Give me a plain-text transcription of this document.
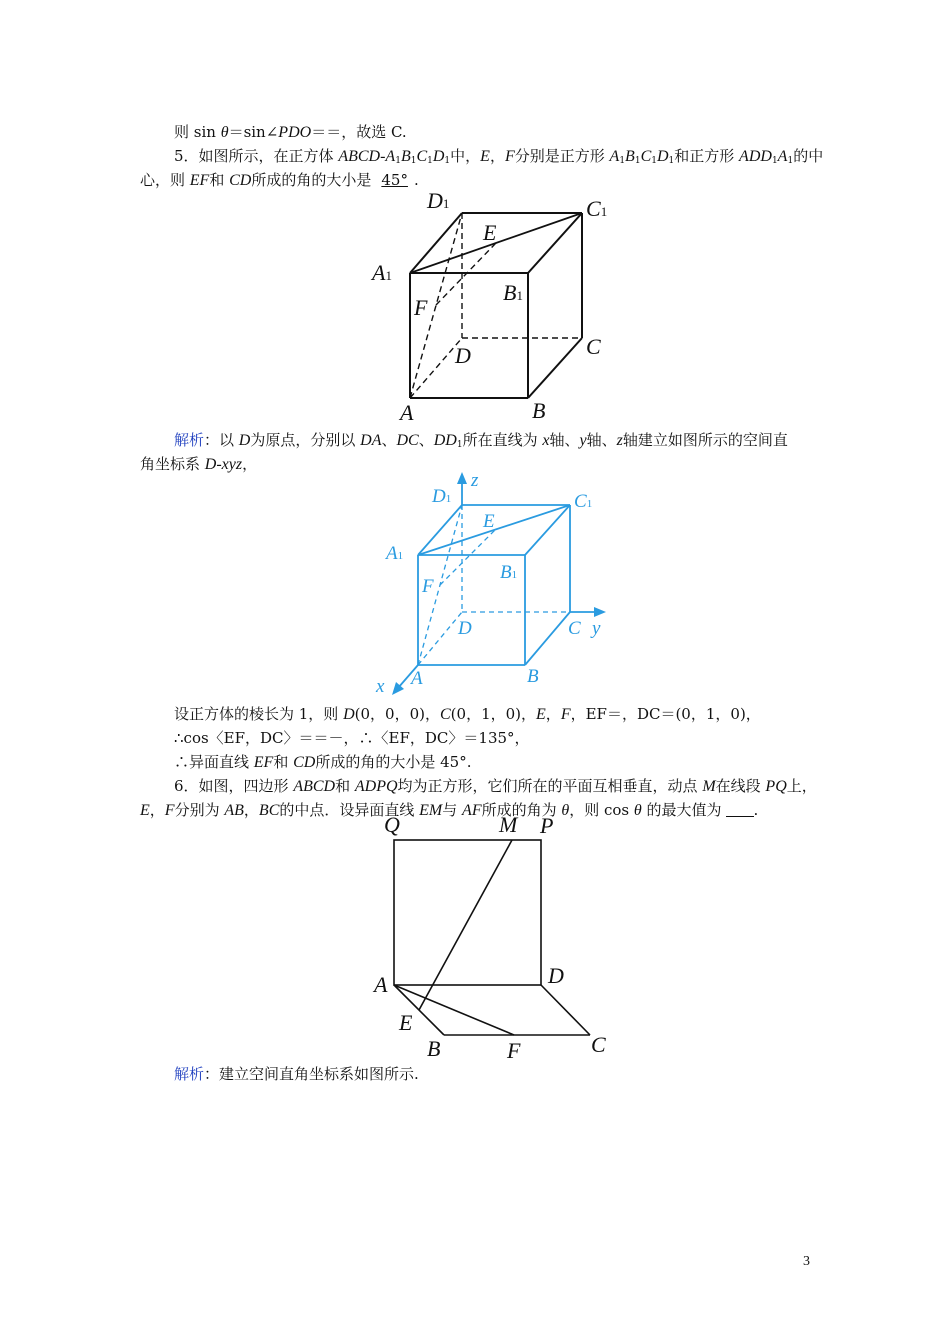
则 sin θ＝sin∠PDO＝＝，故选 C.
5．如图所示，在正方体 ABCD-$A_1B_1C_1D_1$中，E，F分别是正方形 $A_1B_1C_1D_1$和正方形 $ADD_1A_1$的中
心，则 EF和 CD所成的角的大小是 45° .
D1	C1
E
A1
B1
F
D	C
A	B
解析：以 D为原点，分别以 DA、DC、$DD_1$所在直线为 x轴、y轴、z轴建立如图所示的空间直
角坐标系 D-xyz，
z
D1	C1
E
A1
B1
F
D	C y
A	B
x
设正方体的棱长为 1，则 D(0，0，0)，C(0，1，0)，E，F，EF＝，DC＝(0，1，0)，
∴cos〈EF，DC〉＝＝－，∴〈EF，DC〉＝135°，
∴异面直线 EF和 CD所成的角的大小是 45°.
6．如图，四边形 ABCD和 ADPQ均为正方形，它们所在的平面互相垂直，动点 M在线段 PQ上，
E，F分别为 AB，BC的中点．设异面直线 EM与 AF所成的角为 θ，则 cos θ 的最大值为 .
Q	M P
A	D
E
B	F	C
解析：建立空间直角坐标系如图所示.
3
